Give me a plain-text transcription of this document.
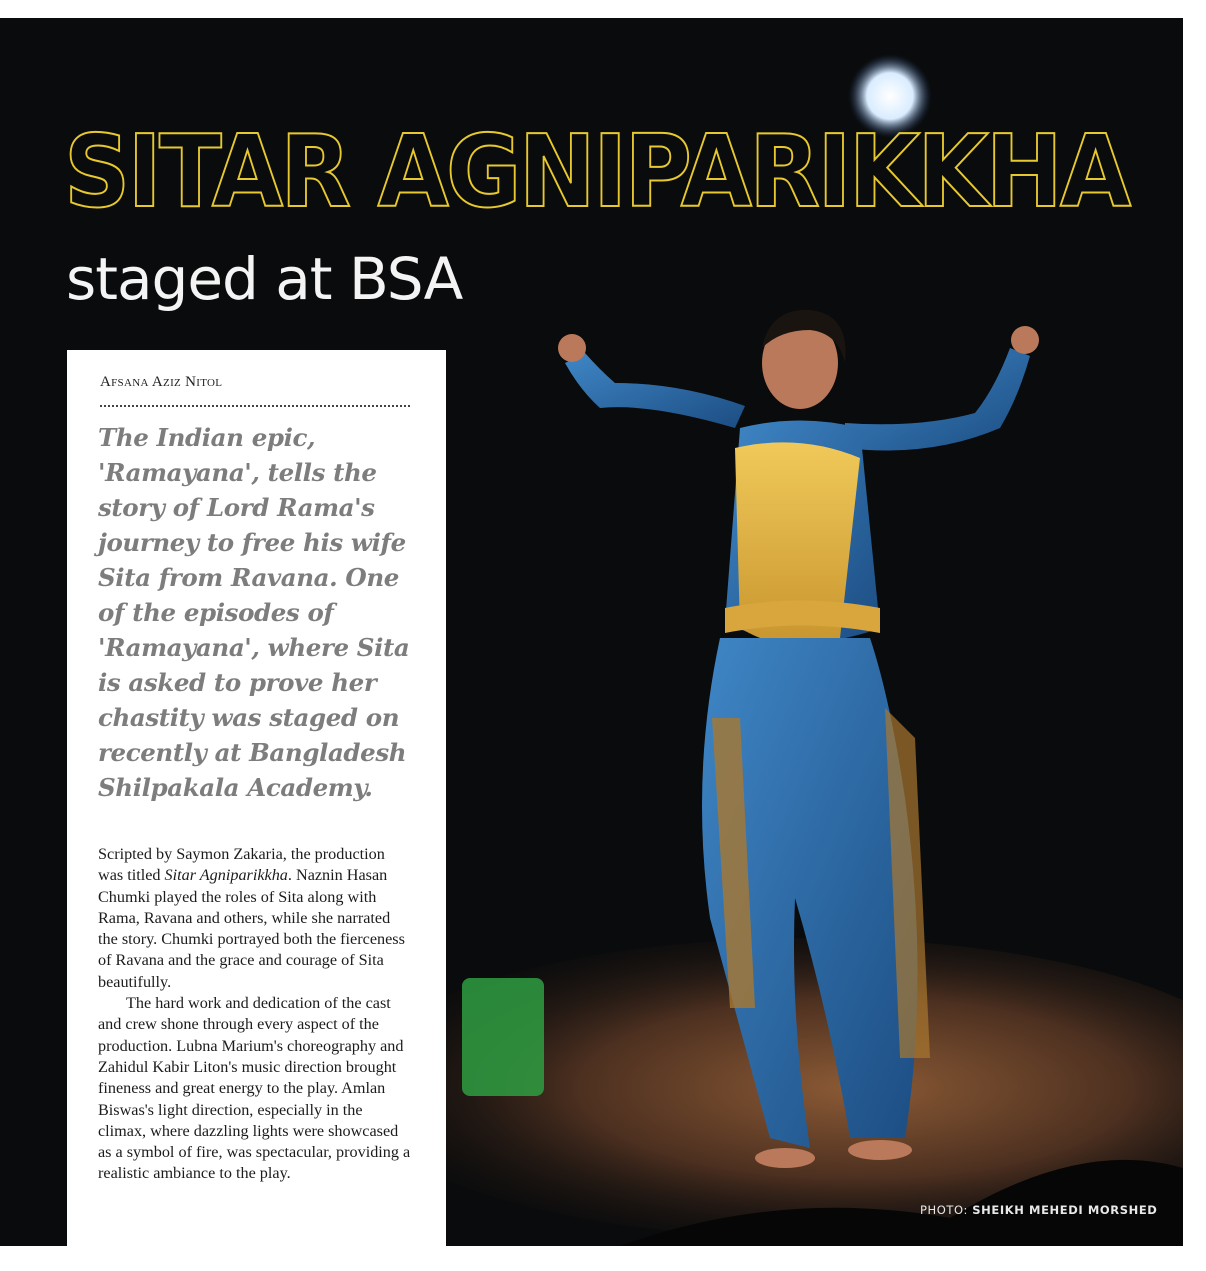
SITAR AGNIPARIKKHA
staged at BSA
Afsana Aziz Nitol

The Indian epic, 'Ramayana', tells the story of Lord Rama's journey to free his wife Sita from Ravana. One of the episodes of 'Ramayana', where Sita is asked to prove her chastity was staged on recently at Bangladesh Shilpakala Academy.

Scripted by Saymon Zakaria, the production was titled Sitar Agniparikkha. Naznin Hasan Chumki played the roles of Sita along with Rama, Ravana and others, while she narrated the story. Chumki portrayed both the fierceness of Ravana and the grace and courage of Sita beautifully.

The hard work and dedication of the cast and crew shone through every aspect of the production. Lubna Marium's choreography and Zahidul Kabir Liton's music direction brought fineness and great energy to the play. Amlan Biswas's light direction, especially in the climax, where dazzling lights were showcased as a symbol of fire, was spectacular, providing a realistic ambiance to the play.

PHOTO: SHEIKH MEHEDI MORSHED
